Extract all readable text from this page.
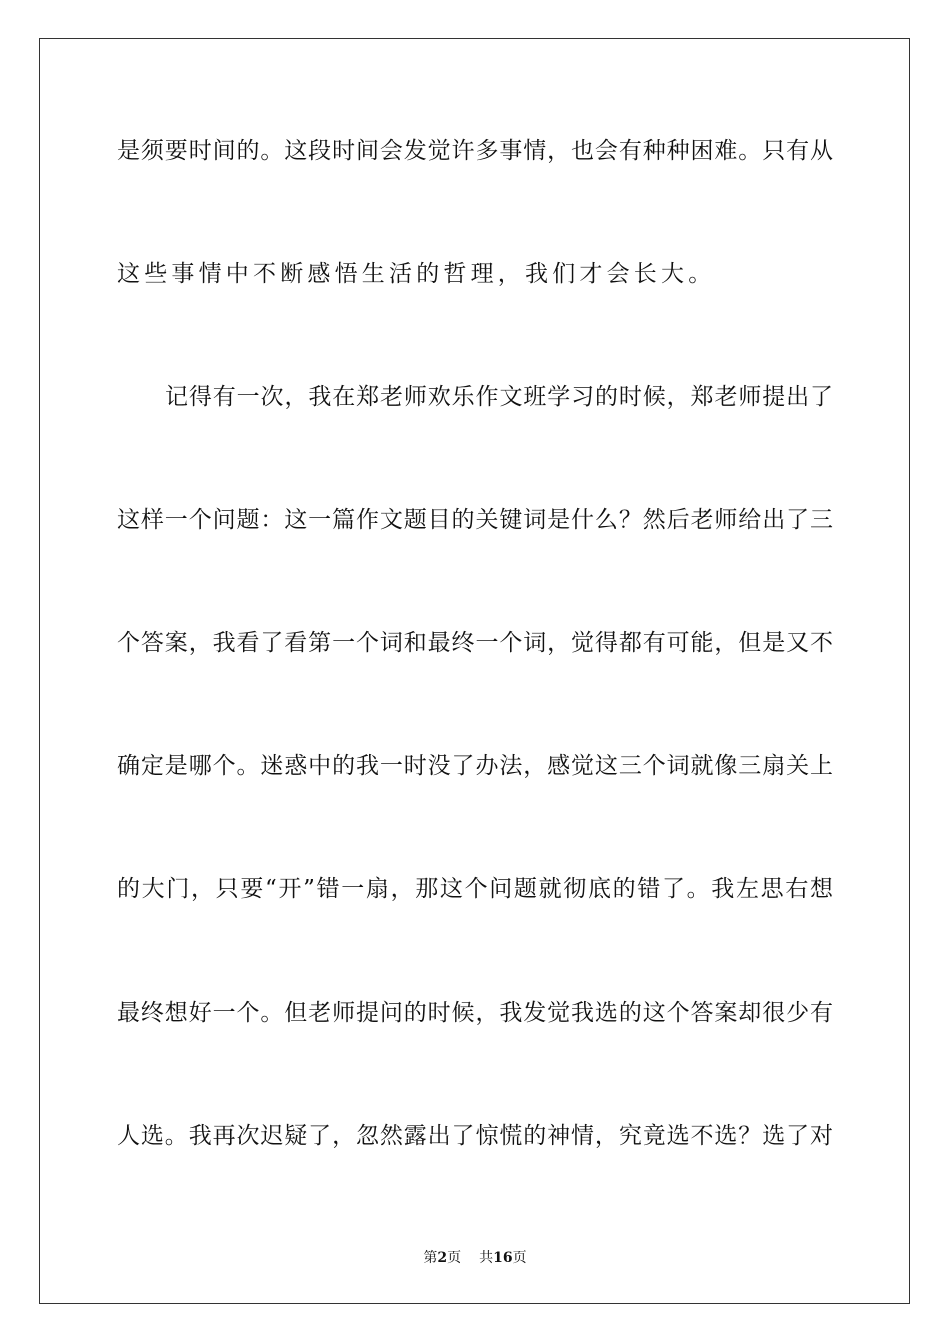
是须要时间的。这段时间会发觉许多事情，也会有种种困难。只有从
这些事情中不断感悟生活的哲理，我们才会长大。
记得有一次，我在郑老师欢乐作文班学习的时候，郑老师提出了
这样一个问题：这一篇作文题目的关键词是什么？然后老师给出了三
个答案，我看了看第一个词和最终一个词，觉得都有可能，但是又不
确定是哪个。迷惑中的我一时没了办法，感觉这三个词就像三扇关上
的大门，只要“开”错一扇，那这个问题就彻底的错了。我左思右想
最终想好一个。但老师提问的时候，我发觉我选的这个答案却很少有
人选。我再次迟疑了，忽然露出了惊慌的神情，究竟选不选？选了对
第2页 共16页
